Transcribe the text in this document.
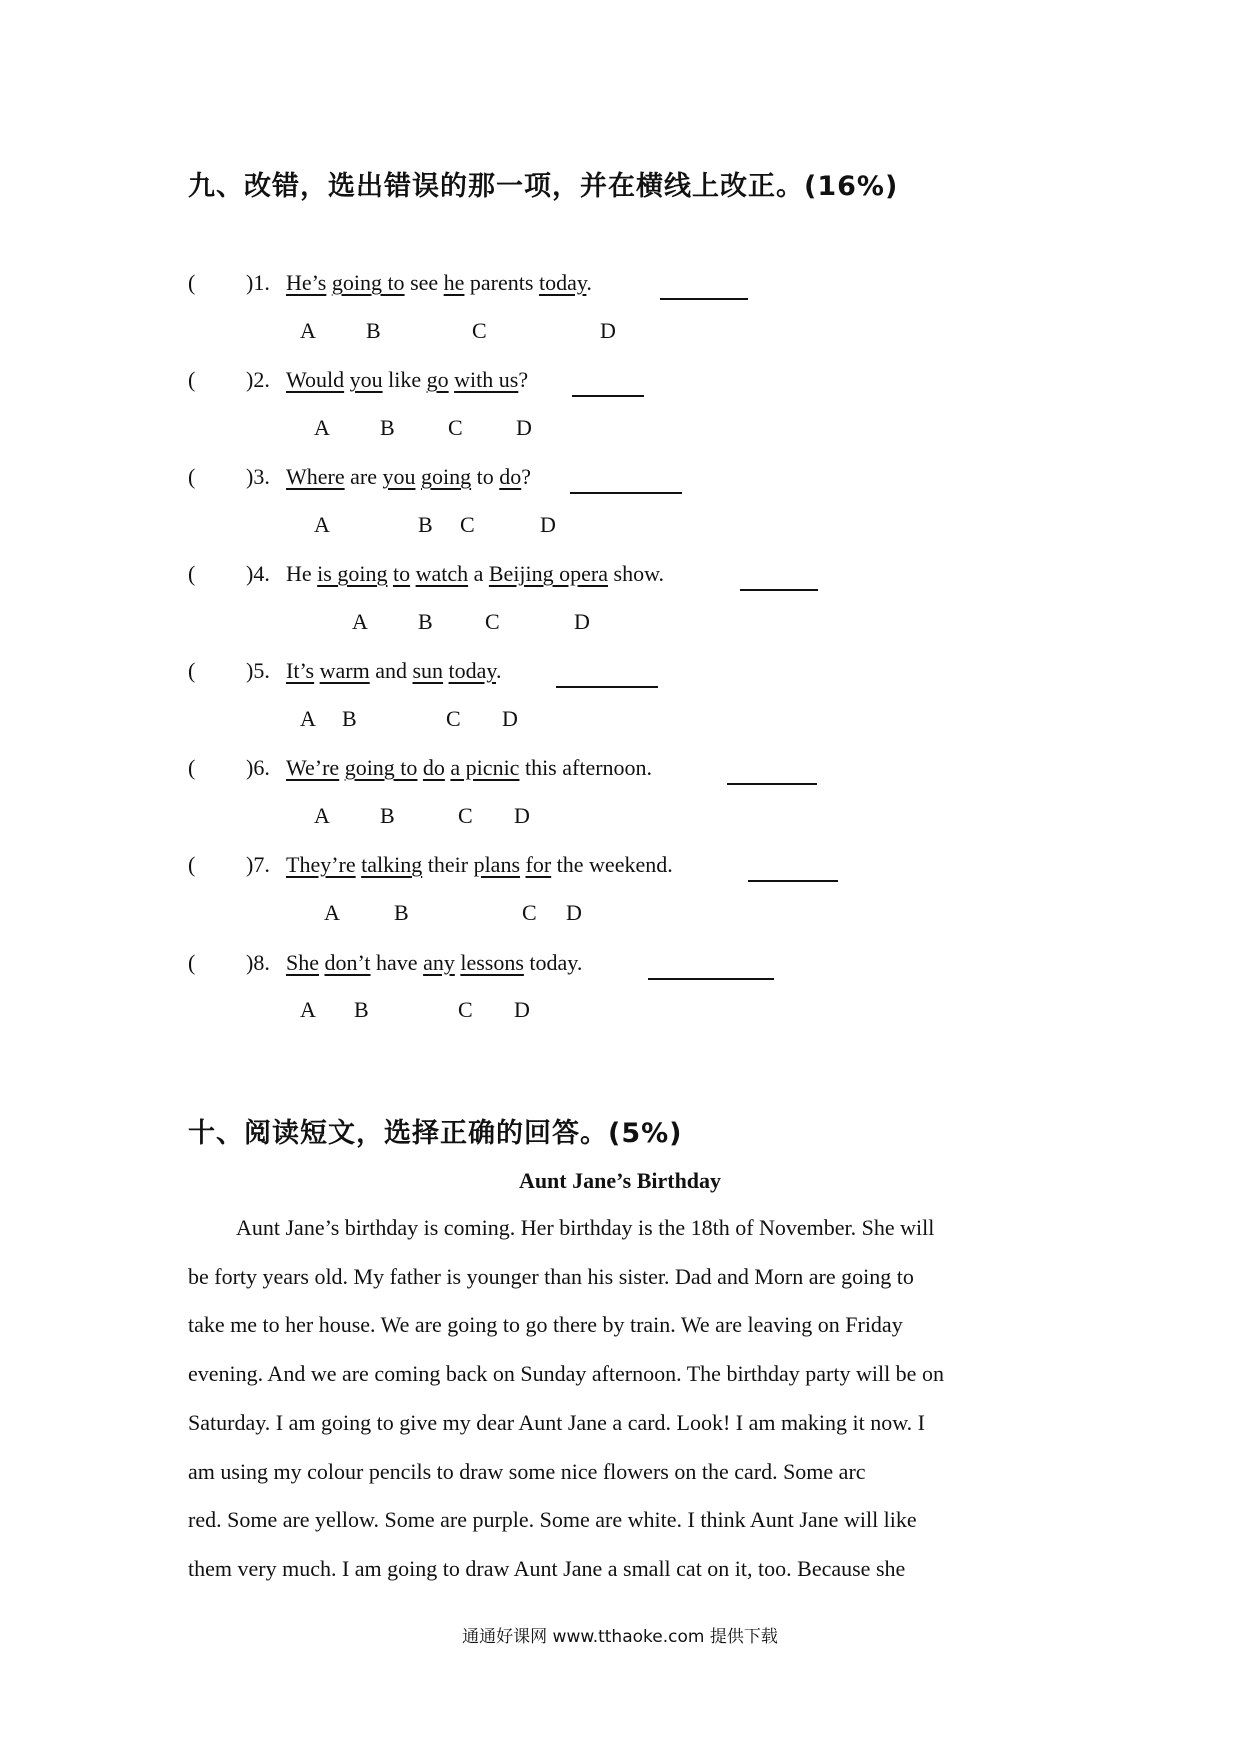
九、改错，选出错误的那一项，并在横线上改正。(16%)
( )1. He’s going to see he parents today.
A B	C	D
( )2. Would you like go with us?
A B C D
( )3. Where are you going to do?
A	B C	D
( )4. He is going to watch a Beijing opera show.
A B C	D
( )5. It’s warm and sun today.
A B	C D
( )6. We’re going to do a picnic this afternoon.
A B	C D
( )7. They’re talking their plans for the weekend.
A B	C D
( )8. She don’t have any lessons today.
A B	C D
十、阅读短文，选择正确的回答。(5%)
Aunt Jane’s Birthday
Aunt Jane’s birthday is coming. Her birthday is the 18th of November. She will
be forty years old. My father is younger than his sister. Dad and Morn are going to
take me to her house. We are going to go there by train. We are leaving on Friday
evening. And we are coming back on Sunday afternoon. The birthday party will be on
Saturday. I am going to give my dear Aunt Jane a card. Look! I am making it now. I
am using my colour pencils to draw some nice flowers on the card. Some arc
red. Some are yellow. Some are purple. Some are white. I think Aunt Jane will like
them very much. I am going to draw Aunt Jane a small cat on it, too. Because she
通通好课网 www.tthaoke.com 提供下载
